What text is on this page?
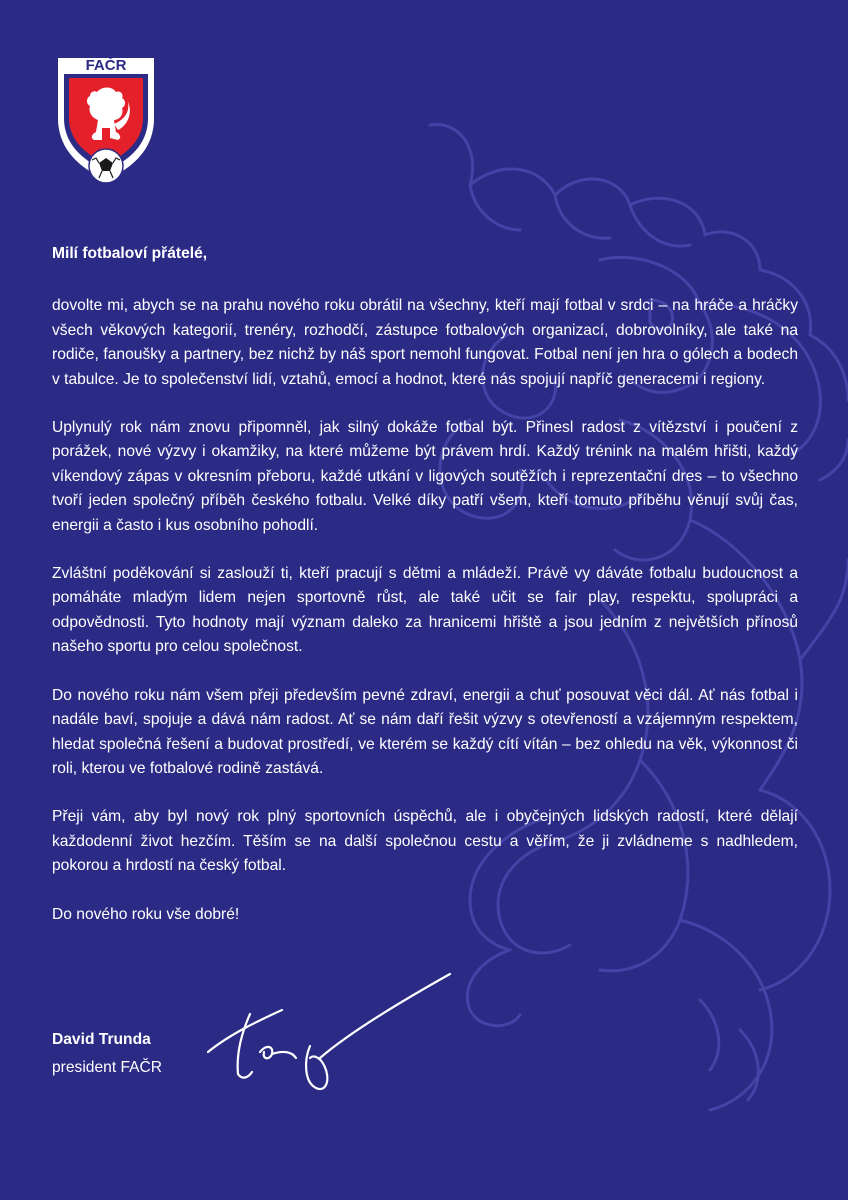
FAČR

Milí fotbaloví přátelé,

dovolte mi, abych se na prahu nového roku obrátil na všechny, kteří mají fotbal v srdci – na hráče a hráčky všech věkových kategorií, trenéry, rozhodčí, zástupce fotbalových organizací, dobrovolníky, ale také na rodiče, fanoušky a partnery, bez nichž by náš sport nemohl fungovat. Fotbal není jen hra o gólech a bodech v tabulce. Je to společenství lidí, vztahů, emocí a hodnot, které nás spojují napříč generacemi i regiony.

Uplynulý rok nám znovu připomněl, jak silný dokáže fotbal být. Přinesl radost z vítězství i poučení z porážek, nové výzvy i okamžiky, na které můžeme být právem hrdí. Každý trénink na malém hřišti, každý víkendový zápas v okresním přeboru, každé utkání v ligových soutěžích i reprezentační dres – to všechno tvoří jeden společný příběh českého fotbalu. Velké díky patří všem, kteří tomuto příběhu věnují svůj čas, energii a často i kus osobního pohodlí.

Zvláštní poděkování si zaslouží ti, kteří pracují s dětmi a mládeží. Právě vy dáváte fotbalu budoucnost a pomáháte mladým lidem nejen sportovně růst, ale také učit se fair play, respektu, spolupráci a odpovědnosti. Tyto hodnoty mají význam daleko za hranicemi hřiště a jsou jedním z největších přínosů našeho sportu pro celou společnost.

Do nového roku nám všem přeji především pevné zdraví, energii a chuť posouvat věci dál. Ať nás fotbal i nadále baví, spojuje a dává nám radost. Ať se nám daří řešit výzvy s otevřeností a vzájemným respektem, hledat společná řešení a budovat prostředí, ve kterém se každý cítí vítán – bez ohledu na věk, výkonnost či roli, kterou ve fotbalové rodině zastává.

Přeji vám, aby byl nový rok plný sportovních úspěchů, ale i obyčejných lidských radostí, které dělají každodenní život hezčím. Těším se na další společnou cestu a věřím, že ji zvládneme s nadhledem, pokorou a hrdostí na český fotbal.

Do nového roku vše dobré!

David Trunda
president FAČR
